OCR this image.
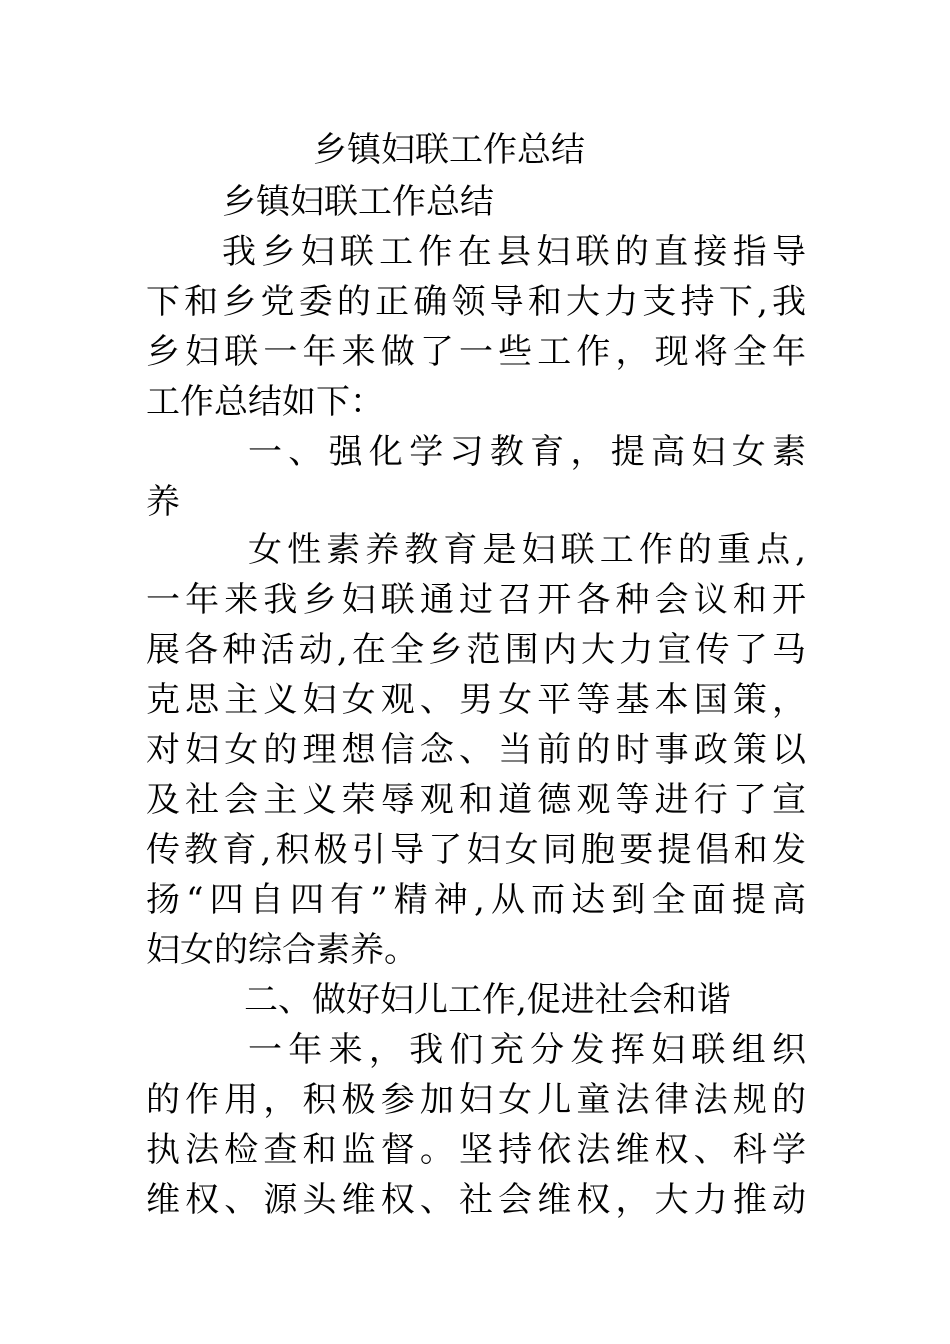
乡镇妇联工作总结
乡镇妇联工作总结
我乡妇联工作在县妇联的直接指导
下和乡党委的正确领导和大力支持下,我
乡妇联一年来做了一些工作，现将全年
工作总结如下：
一、强化学习教育，提高妇女素
养
女性素养教育是妇联工作的重点,
一年来我乡妇联通过召开各种会议和开
展各种活动,在全乡范围内大力宣传了马
克思主义妇女观、男女平等基本国策，
对妇女的理想信念、当前的时事政策以
及社会主义荣辱观和道德观等进行了宣
传教育,积极引导了妇女同胞要提倡和发
扬“四自四有”精神,从而达到全面提高
妇女的综合素养。
二、做好妇儿工作,促进社会和谐
一年来，我们充分发挥妇联组织
的作用，积极参加妇女儿童法律法规的
执法检查和监督。坚持依法维权、科学
维权、源头维权、社会维权，大力推动
